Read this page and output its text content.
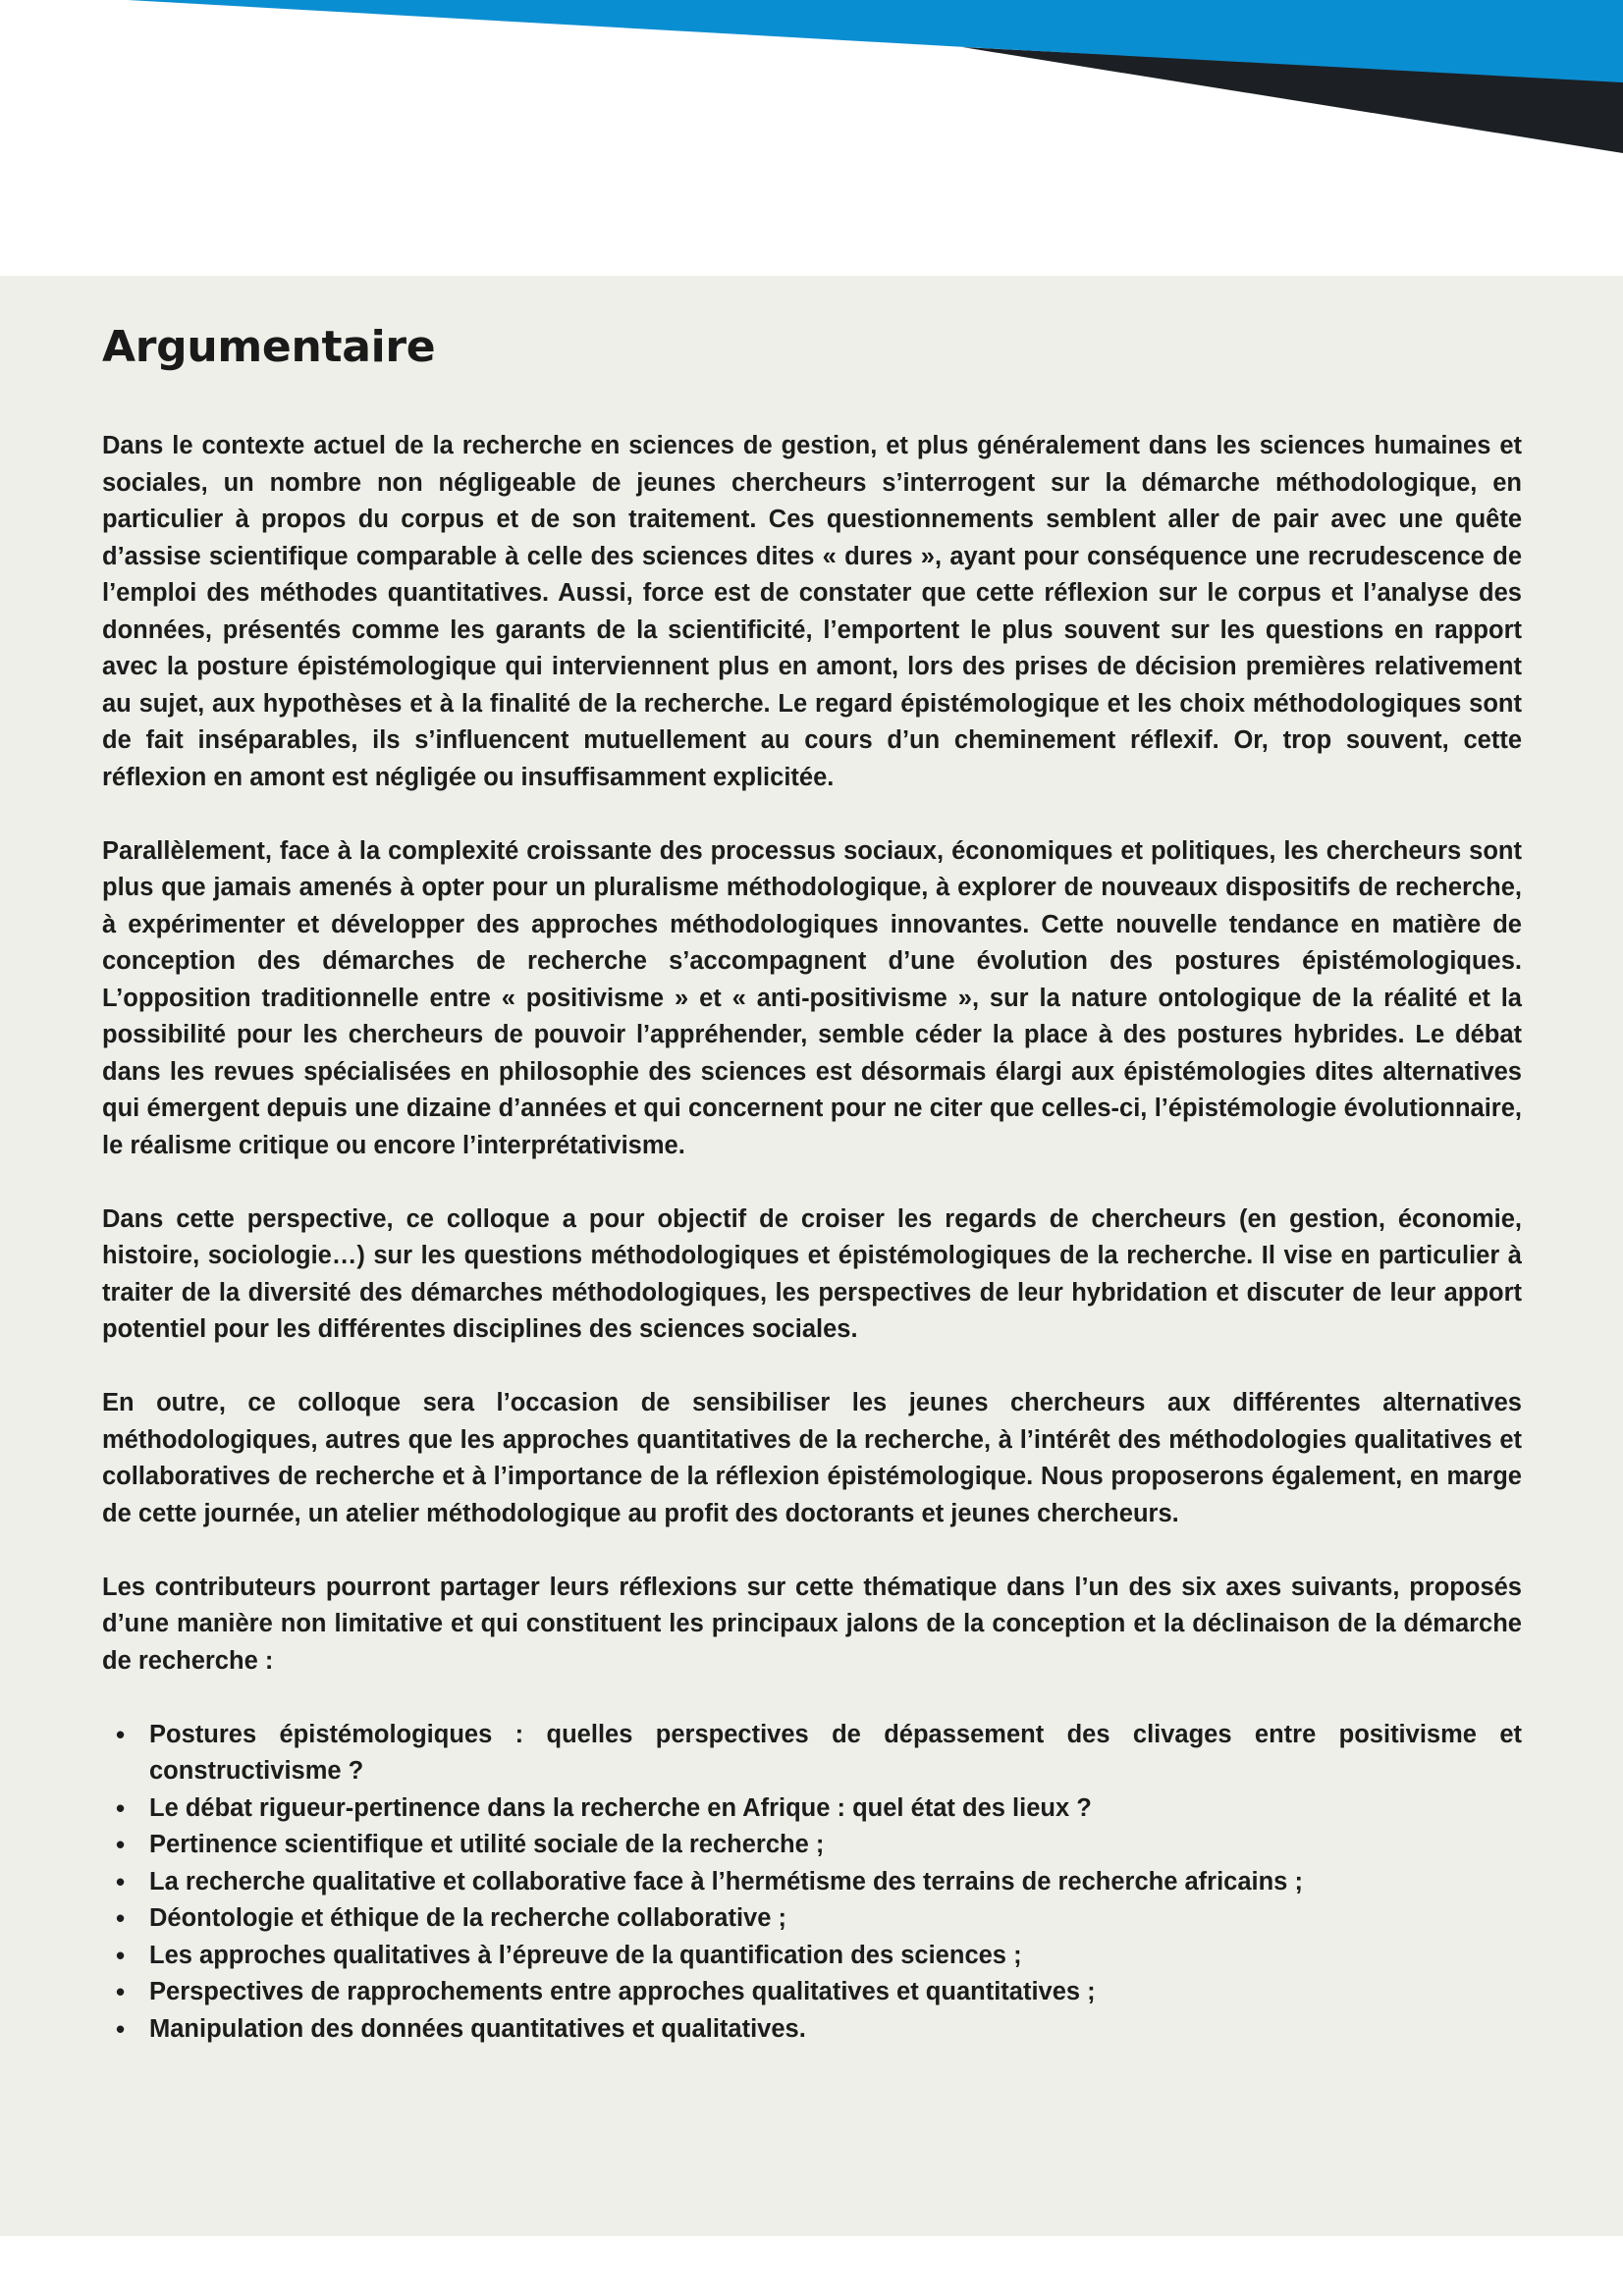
Argumentaire

Dans le contexte actuel de la recherche en sciences de gestion, et plus généralement dans les sciences humaines et sociales, un nombre non négligeable de jeunes chercheurs s’interrogent sur la démarche méthodologique, en particulier à propos du corpus et de son traitement. Ces questionnements semblent aller de pair avec une quête d’assise scientifique comparable à celle des sciences dites « dures », ayant pour conséquence une recrudescence de l’emploi des méthodes quantitatives. Aussi, force est de constater que cette réflexion sur le corpus et l’analyse des données, présentés comme les garants de la scientificité, l’emportent le plus souvent sur les questions en rapport avec la posture épistémologique qui interviennent plus en amont, lors des prises de décision premières relativement au sujet, aux hypothèses et à la finalité de la recherche. Le regard épistémologique et les choix méthodologiques sont de fait inséparables, ils s’influencent mutuellement au cours d’un cheminement réflexif. Or, trop souvent, cette réflexion en amont est négligée ou insuffisamment explicitée.

Parallèlement, face à la complexité croissante des processus sociaux, économiques et politiques, les chercheurs sont plus que jamais amenés à opter pour un pluralisme méthodologique, à explorer de nouveaux dispositifs de recherche, à expérimenter et développer des approches méthodologiques innovantes. Cette nouvelle tendance en matière de conception des démarches de recherche s’accompagnent d’une évolution des postures épistémologiques. L’opposition traditionnelle entre « positivisme » et « anti-positivisme », sur la nature ontologique de la réalité et la possibilité pour les chercheurs de pouvoir l’appréhender, semble céder la place à des postures hybrides. Le débat dans les revues spécialisées en philosophie des sciences est désormais élargi aux épistémologies dites alternatives qui émergent depuis une dizaine d’années et qui concernent pour ne citer que celles-ci, l’épistémologie évolutionnaire, le réalisme critique ou encore l’interprétativisme.

Dans cette perspective, ce colloque a pour objectif de croiser les regards de chercheurs (en gestion, économie, histoire, sociologie…) sur les questions méthodologiques et épistémologiques de la recherche. Il vise en particulier à traiter de la diversité des démarches méthodologiques, les perspectives de leur hybridation et discuter de leur apport potentiel pour les différentes disciplines des sciences sociales.

En outre, ce colloque sera l’occasion de sensibiliser les jeunes chercheurs aux différentes alternatives méthodologiques, autres que les approches quantitatives de la recherche, à l’intérêt des méthodologies qualitatives et collaboratives de recherche et à l’importance de la réflexion épistémologique. Nous proposerons également, en marge de cette journée, un atelier méthodologique au profit des doctorants et jeunes chercheurs.

Les contributeurs pourront partager leurs réflexions sur cette thématique dans l’un des six axes suivants, proposés d’une manière non limitative et qui constituent les principaux jalons de la conception et la déclinaison de la démarche de recherche :

• Postures épistémologiques : quelles perspectives de dépassement des clivages entre positivisme et constructivisme ?
• Le débat rigueur-pertinence dans la recherche en Afrique : quel état des lieux ?
• Pertinence scientifique et utilité sociale de la recherche ;
• La recherche qualitative et collaborative face à l’hermétisme des terrains de recherche africains ;
• Déontologie et éthique de la recherche collaborative ;
• Les approches qualitatives à l’épreuve de la quantification des sciences ;
• Perspectives de rapprochements entre approches qualitatives et quantitatives ;
• Manipulation des données quantitatives et qualitatives.
